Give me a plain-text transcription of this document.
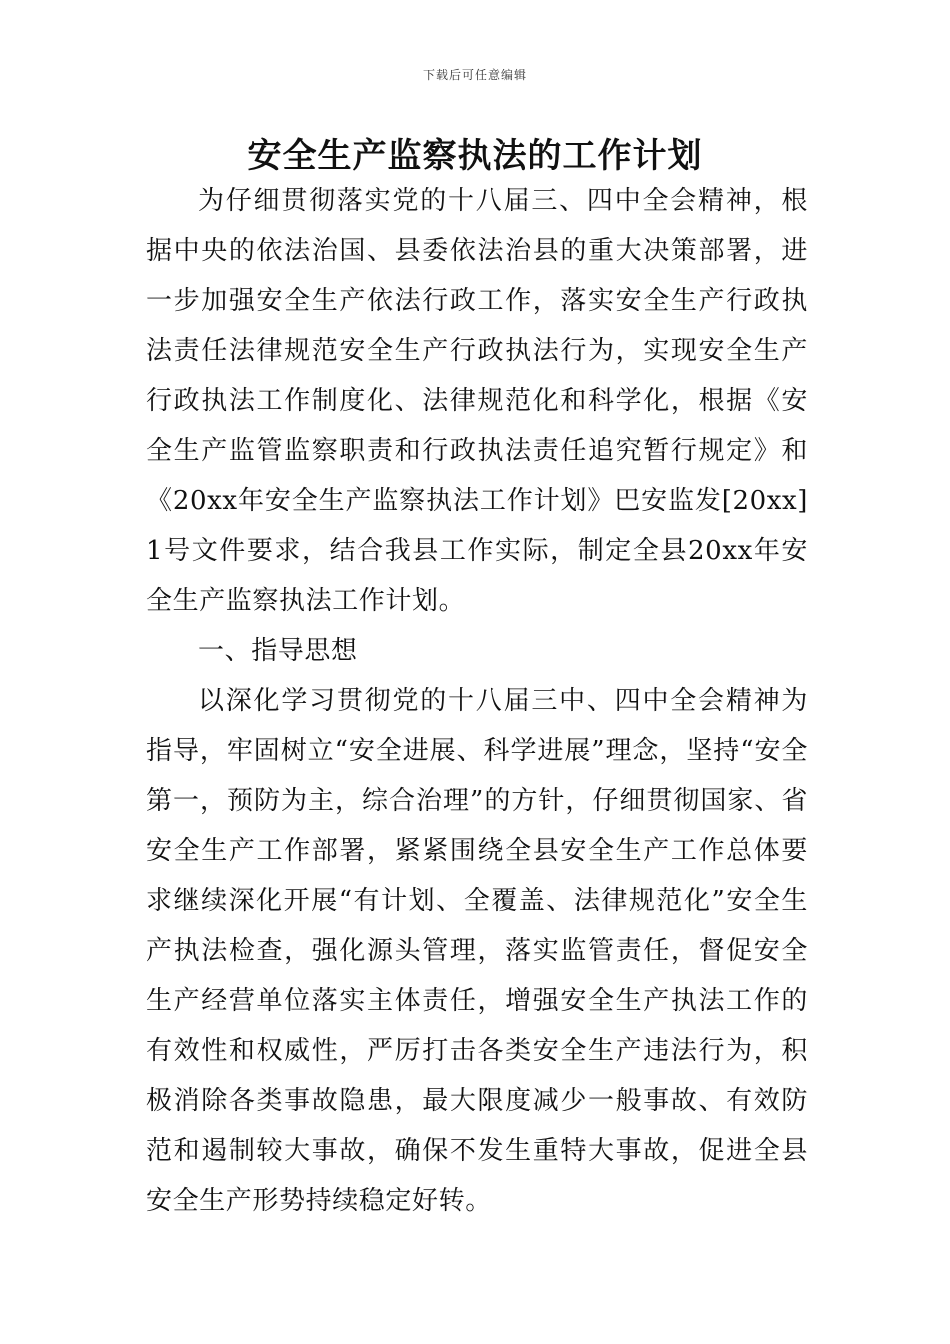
下载后可任意编辑
安全生产监察执法的工作计划

为仔细贯彻落实党的十八届三、四中全会精神，根据中央的依法治国、县委依法治县的重大决策部署，进一步加强安全生产依法行政工作，落实安全生产行政执法责任法律规范安全生产行政执法行为，实现安全生产行政执法工作制度化、法律规范化和科学化，根据《安全生产监管监察职责和行政执法责任追究暂行规定》和《20xx年安全生产监察执法工作计划》巴安监发[20xx]1号文件要求，结合我县工作实际，制定全县20xx年安全生产监察执法工作计划。

一、指导思想

以深化学习贯彻党的十八届三中、四中全会精神为指导，牢固树立“安全进展、科学进展”理念，坚持“安全第一，预防为主，综合治理”的方针，仔细贯彻国家、省安全生产工作部署，紧紧围绕全县安全生产工作总体要求继续深化开展“有计划、全覆盖、法律规范化”安全生产执法检查，强化源头管理，落实监管责任，督促安全生产经营单位落实主体责任，增强安全生产执法工作的有效性和权威性，严厉打击各类安全生产违法行为，积极消除各类事故隐患，最大限度减少一般事故、有效防范和遏制较大事故，确保不发生重特大事故，促进全县安全生产形势持续稳定好转。
